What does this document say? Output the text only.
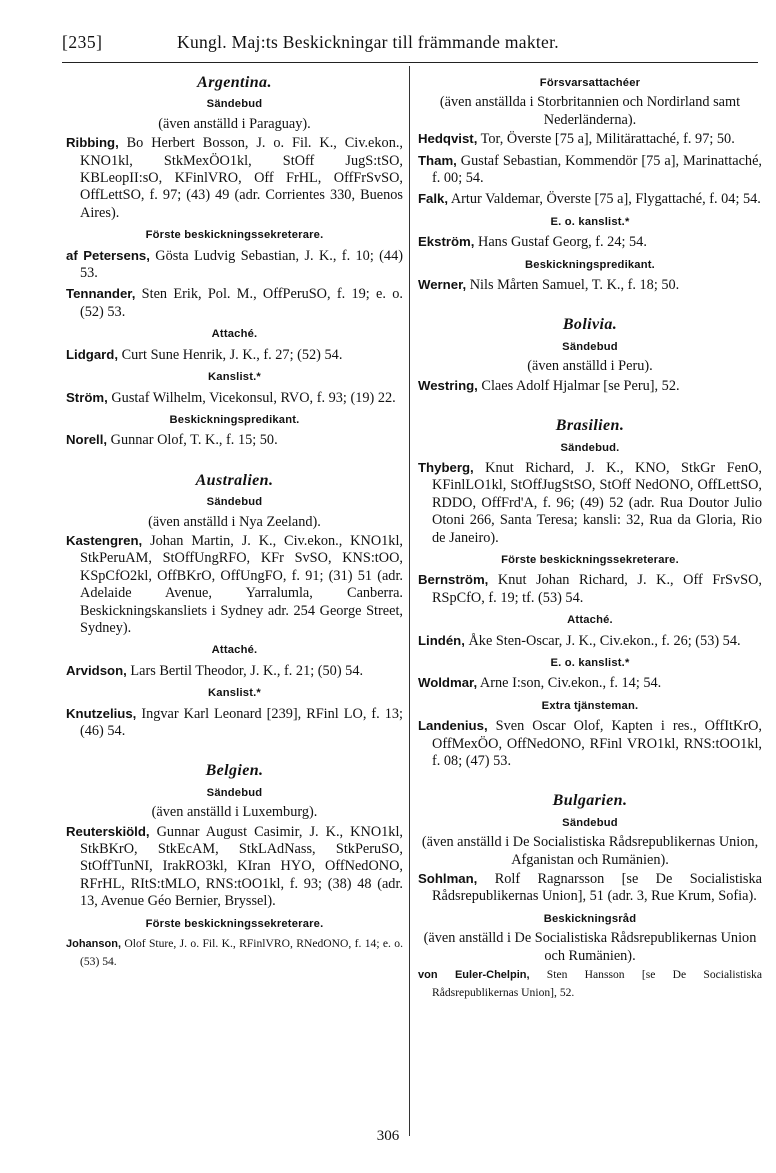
[235]	Kungl. Maj:ts Beskickningar till främmande makter.
Argentina.
Sändebud
(även anställd i Paraguay).
Ribbing, Bo Herbert Bosson, J. o. Fil. K., Civ.ekon., KNO1kl, StkMexÖO1kl, StOff JugS:tSO, KBLeopII:sO, KFinlVRO, Off FrHL, OffFrSvSO, OffLettSO, f. 97; (43) 49 (adr. Corrientes 330, Buenos Aires).
Förste beskickningssekreterare.
af Petersens, Gösta Ludvig Sebastian, J. K., f. 10; (44) 53.
Tennander, Sten Erik, Pol. M., OffPeruSO, f. 19; e. o. (52) 53.
Attaché.
Lidgard, Curt Sune Henrik, J. K., f. 27; (52) 54.
Kanslist.*
Ström, Gustaf Wilhelm, Vicekonsul, RVO, f. 93; (19) 22.
Beskickningspredikant.
Norell, Gunnar Olof, T. K., f. 15; 50.
Australien.
Sändebud
(även anställd i Nya Zeeland).
Kastengren, Johan Martin, J. K., Civ.ekon., KNO1kl, StkPeruAM, StOffUngRFO, KFr SvSO, KNS:tOO, KSpCfO2kl, OffBKrO, OffUngFO, f. 91; (31) 51 (adr. Adelaide Avenue, Yarralumla, Canberra. Beskickningskansliets i Sydney adr. 254 George Street, Sydney).
Attaché.
Arvidson, Lars Bertil Theodor, J. K., f. 21; (50) 54.
Kanslist.*
Knutzelius, Ingvar Karl Leonard [239], RFinl LO, f. 13; (46) 54.
Belgien.
Sändebud
(även anställd i Luxemburg).
Reuterskiöld, Gunnar August Casimir, J. K., KNO1kl, StkBKrO, StkEcAM, StkLAdNass, StkPeruSO, StOffTunNI, IrakRO3kl, KIran HYO, OffNedONO, RFrHL, RItS:tMLO, RNS:tOO1kl, f. 93; (38) 48 (adr. 13, Avenue Géo Bernier, Bryssel).
Förste beskickningssekreterare.
Johanson, Olof Sture, J. o. Fil. K., RFinlVRO, RNedONO, f. 14; e. o. (53) 54.
Försvarsattachéer
(även anställda i Storbritannien och Nordirland samt Nederländerna).
Hedqvist, Tor, Överste [75 a], Militärattaché, f. 97; 50.
Tham, Gustaf Sebastian, Kommendör [75 a], Marinattaché, f. 00; 54.
Falk, Artur Valdemar, Överste [75 a], Flygattaché, f. 04; 54.
E. o. kanslist.*
Ekström, Hans Gustaf Georg, f. 24; 54.
Beskickningspredikant.
Werner, Nils Mårten Samuel, T. K., f. 18; 50.
Bolivia.
Sändebud
(även anställd i Peru).
Westring, Claes Adolf Hjalmar [se Peru], 52.
Brasilien.
Sändebud.
Thyberg, Knut Richard, J. K., KNO, StkGr FenO, KFinlLO1kl, StOffJugStSO, StOff NedONO, OffLettSO, RDDO, OffFrd'A, f. 96; (49) 52 (adr. Rua Doutor Julio Otoni 266, Santa Teresa; kansli: 32, Rua da Gloria, Rio de Janeiro).
Förste beskickningssekreterare.
Bernström, Knut Johan Richard, J. K., Off FrSvSO, RSpCfO, f. 19; tf. (53) 54.
Attaché.
Lindén, Åke Sten-Oscar, J. K., Civ.ekon., f. 26; (53) 54.
E. o. kanslist.*
Woldmar, Arne I:son, Civ.ekon., f. 14; 54.
Extra tjänsteman.
Landenius, Sven Oscar Olof, Kapten i res., OffItKrO, OffMexÖO, OffNedONO, RFinl VRO1kl, RNS:tOO1kl, f. 08; (47) 53.
Bulgarien.
Sändebud
(även anställd i De Socialistiska Rådsrepublikernas Union, Afganistan och Rumänien).
Sohlman, Rolf Ragnarsson [se De Socialistiska Rådsrepublikernas Union], 51 (adr. 3, Rue Krum, Sofia).
Beskickningsråd
(även anställd i De Socialistiska Rådsrepublikernas Union och Rumänien).
von Euler-Chelpin, Sten Hansson [se De Socialistiska Rådsrepublikernas Union], 52.
306
